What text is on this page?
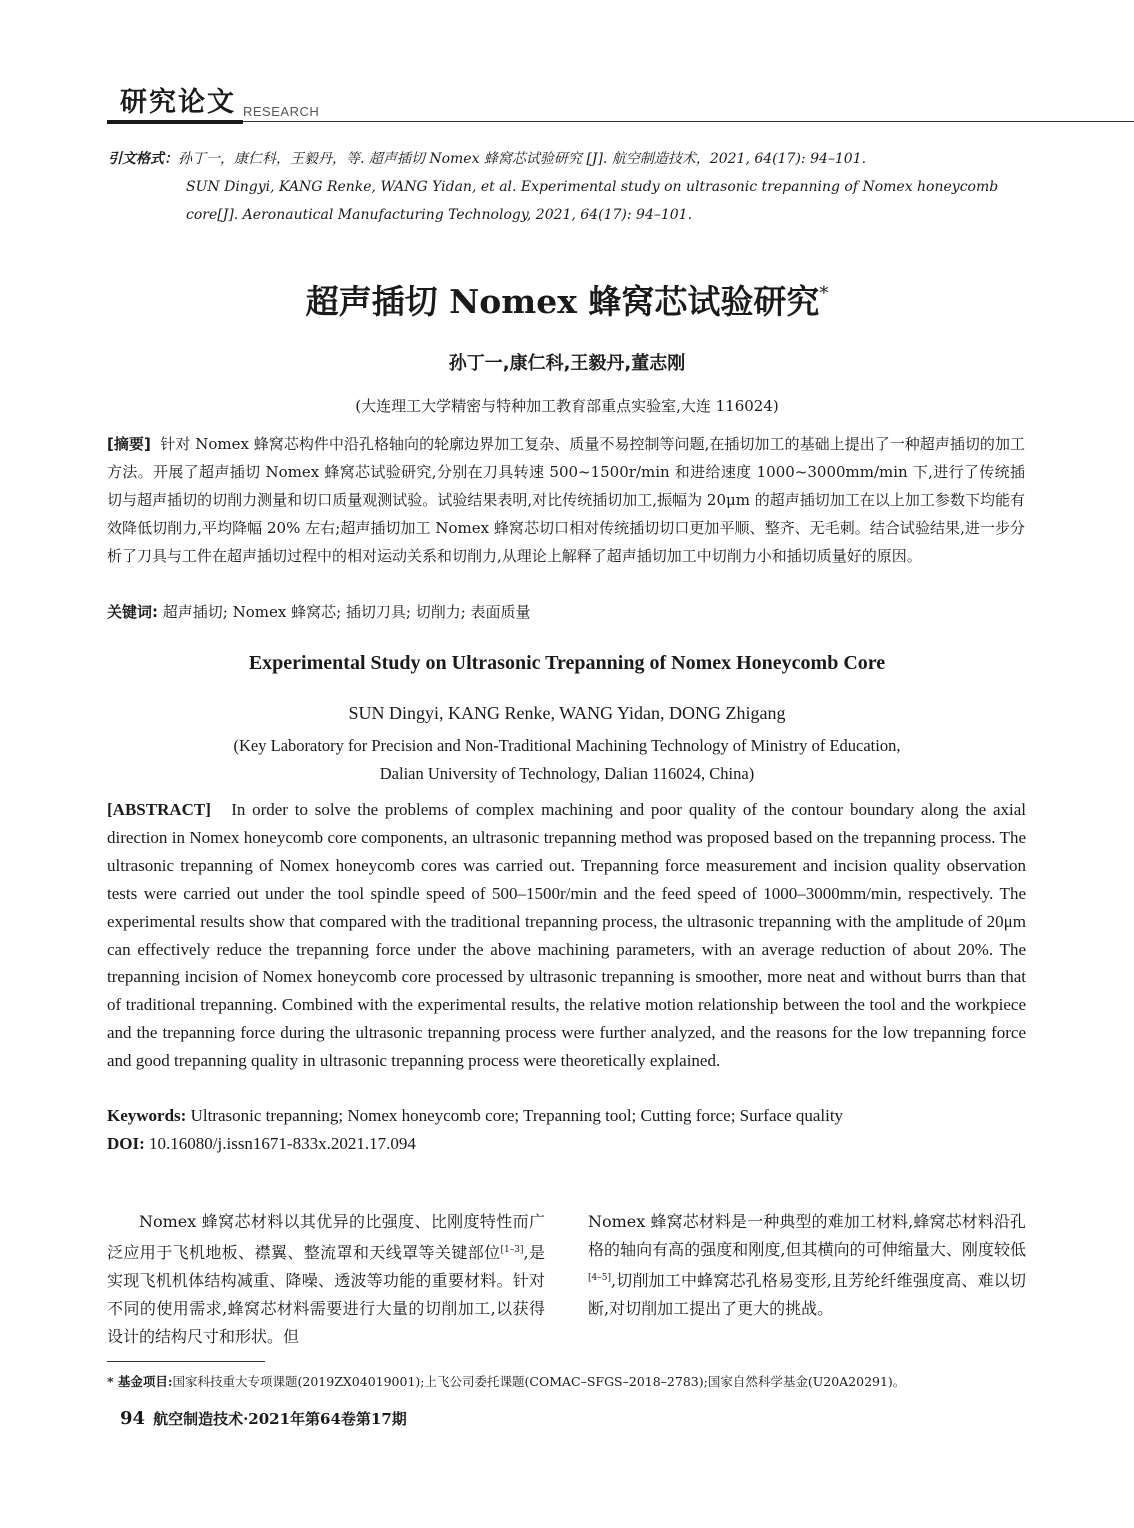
研究论文 RESEARCH
引文格式：孙丁一，康仁科，王毅丹，等. 超声插切 Nomex 蜂窝芯试验研究 [J]. 航空制造技术，2021, 64(17): 94–101.
SUN Dingyi, KANG Renke, WANG Yidan, et al. Experimental study on ultrasonic trepanning of Nomex honeycomb core[J]. Aeronautical Manufacturing Technology, 2021, 64(17): 94–101.
超声插切 Nomex 蜂窝芯试验研究*
孙丁一,康仁科,王毅丹,董志刚
(大连理工大学精密与特种加工教育部重点实验室,大连 116024)
[摘要] 针对 Nomex 蜂窝芯构件中沿孔格轴向的轮廓边界加工复杂、质量不易控制等问题,在插切加工的基础上提出了一种超声插切的加工方法。开展了超声插切 Nomex 蜂窝芯试验研究,分别在刀具转速 500~1500r/min 和进给速度 1000~3000mm/min 下,进行了传统插切与超声插切的切削力测量和切口质量观测试验。试验结果表明,对比传统插切加工,振幅为 20μm 的超声插切加工在以上加工参数下均能有效降低切削力,平均降幅 20% 左右;超声插切加工 Nomex 蜂窝芯切口相对传统插切切口更加平顺、整齐、无毛刺。结合试验结果,进一步分析了刀具与工件在超声插切过程中的相对运动关系和切削力,从理论上解释了超声插切加工中切削力小和插切质量好的原因。
关键词: 超声插切; Nomex 蜂窝芯; 插切刀具; 切削力; 表面质量
Experimental Study on Ultrasonic Trepanning of Nomex Honeycomb Core
SUN Dingyi, KANG Renke, WANG Yidan, DONG Zhigang
(Key Laboratory for Precision and Non-Traditional Machining Technology of Ministry of Education,
Dalian University of Technology, Dalian 116024, China)
[ABSTRACT] In order to solve the problems of complex machining and poor quality of the contour boundary along the axial direction in Nomex honeycomb core components, an ultrasonic trepanning method was proposed based on the trepanning process. The ultrasonic trepanning of Nomex honeycomb cores was carried out. Trepanning force measurement and incision quality observation tests were carried out under the tool spindle speed of 500–1500r/min and the feed speed of 1000–3000mm/min, respectively. The experimental results show that compared with the traditional trepanning process, the ultrasonic trepanning with the amplitude of 20μm can effectively reduce the trepanning force under the above machining parameters, with an average reduction of about 20%. The trepanning incision of Nomex honeycomb core processed by ultrasonic trepanning is smoother, more neat and without burrs than that of traditional trepanning. Combined with the experimental results, the relative motion relationship between the tool and the workpiece and the trepanning force during the ultrasonic trepanning process were further analyzed, and the reasons for the low trepanning force and good trepanning quality in ultrasonic trepanning process were theoretically explained.
Keywords: Ultrasonic trepanning; Nomex honeycomb core; Trepanning tool; Cutting force; Surface quality
DOI: 10.16080/j.issn1671-833x.2021.17.094
Nomex 蜂窝芯材料以其优异的比强度、比刚度特性而广泛应用于飞机地板、襟翼、整流罩和天线罩等关键部位[1–3],是实现飞机机体结构减重、降噪、透波等功能的重要材料。针对不同的使用需求,蜂窝芯材料需要进行大量的切削加工,以获得设计的结构尺寸和形状。但
Nomex 蜂窝芯材料是一种典型的难加工材料,蜂窝芯材料沿孔格的轴向有高的强度和刚度,但其横向的可伸缩量大、刚度较低[4–5],切削加工中蜂窝芯孔格易变形,且芳纶纤维强度高、难以切断,对切削加工提出了更大的挑战。
* 基金项目:国家科技重大专项课题(2019ZX04019001);上飞公司委托课题(COMAC–SFGS–2018–2783);国家自然科学基金(U20A20291)。
94 航空制造技术·2021年第64卷第17期
